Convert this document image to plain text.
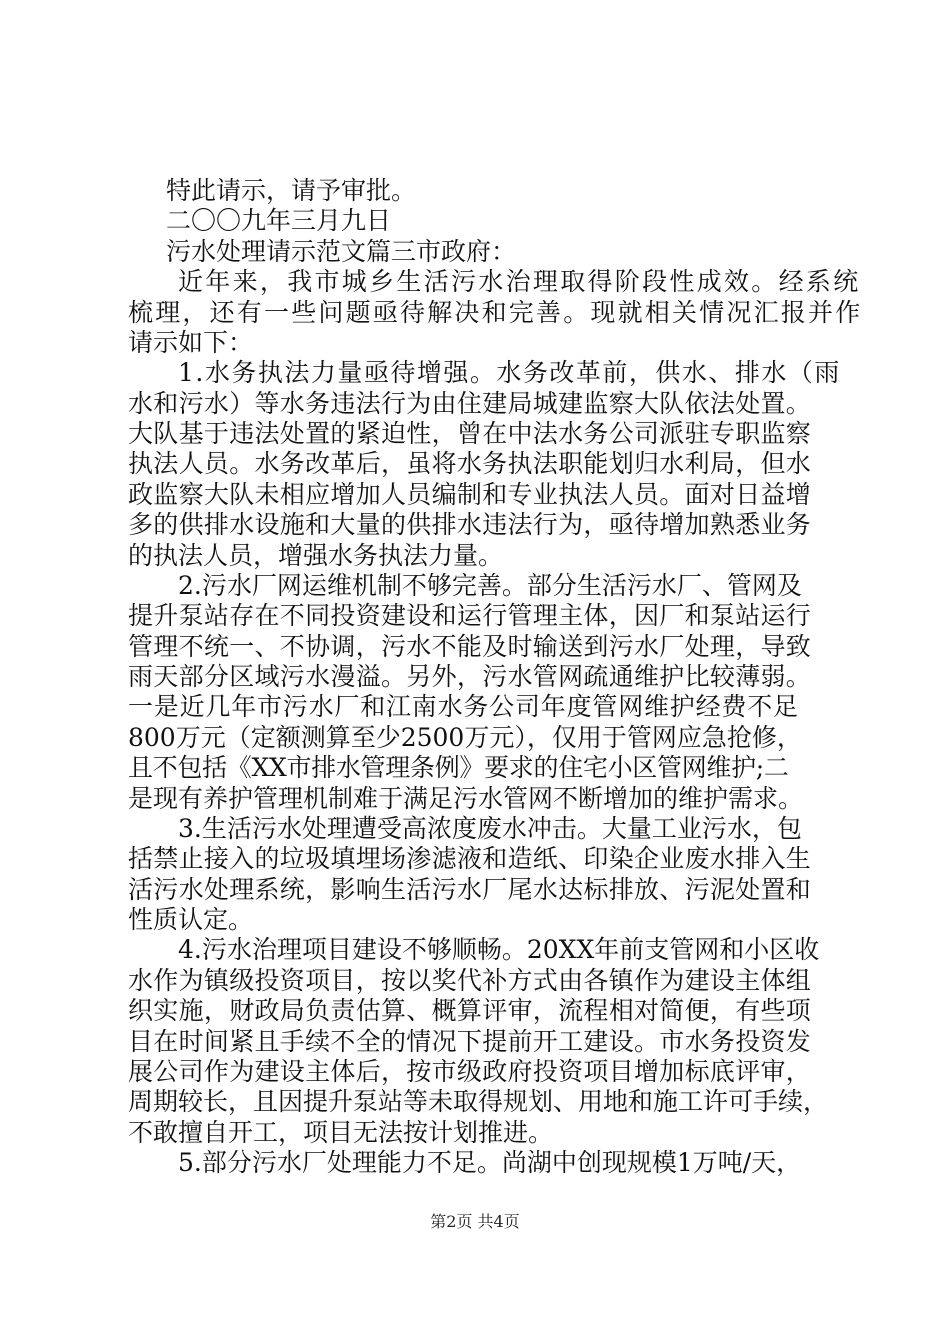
特此请示，请予审批。
二〇〇九年三月九日
污水处理请示范文篇三市政府：
近年来，我市城乡生活污水治理取得阶段性成效。经系统
梳理，还有一些问题亟待解决和完善。现就相关情况汇报并作
请示如下：
1.水务执法力量亟待增强。水务改革前，供水、排水（雨
水和污水）等水务违法行为由住建局城建监察大队依法处置。
大队基于违法处置的紧迫性，曾在中法水务公司派驻专职监察
执法人员。水务改革后，虽将水务执法职能划归水利局，但水
政监察大队未相应增加人员编制和专业执法人员。面对日益增
多的供排水设施和大量的供排水违法行为，亟待增加熟悉业务
的执法人员，增强水务执法力量。
2.污水厂网运维机制不够完善。部分生活污水厂、管网及
提升泵站存在不同投资建设和运行管理主体，因厂和泵站运行
管理不统一、不协调，污水不能及时输送到污水厂处理，导致
雨天部分区域污水漫溢。另外，污水管网疏通维护比较薄弱。
一是近几年市污水厂和江南水务公司年度管网维护经费不足
800万元（定额测算至少2500万元），仅用于管网应急抢修，
且不包括《XX市排水管理条例》要求的住宅小区管网维护;二
是现有养护管理机制难于满足污水管网不断增加的维护需求。
3.生活污水处理遭受高浓度废水冲击。大量工业污水，包
括禁止接入的垃圾填埋场渗滤液和造纸、印染企业废水排入生
活污水处理系统，影响生活污水厂尾水达标排放、污泥处置和
性质认定。
4.污水治理项目建设不够顺畅。20XX年前支管网和小区收
水作为镇级投资项目，按以奖代补方式由各镇作为建设主体组
织实施，财政局负责估算、概算评审，流程相对简便，有些项
目在时间紧且手续不全的情况下提前开工建设。市水务投资发
展公司作为建设主体后，按市级政府投资项目增加标底评审，
周期较长，且因提升泵站等未取得规划、用地和施工许可手续，
不敢擅自开工，项目无法按计划推进。
5.部分污水厂处理能力不足。尚湖中创现规模1万吨/天，
第2页 共4页
